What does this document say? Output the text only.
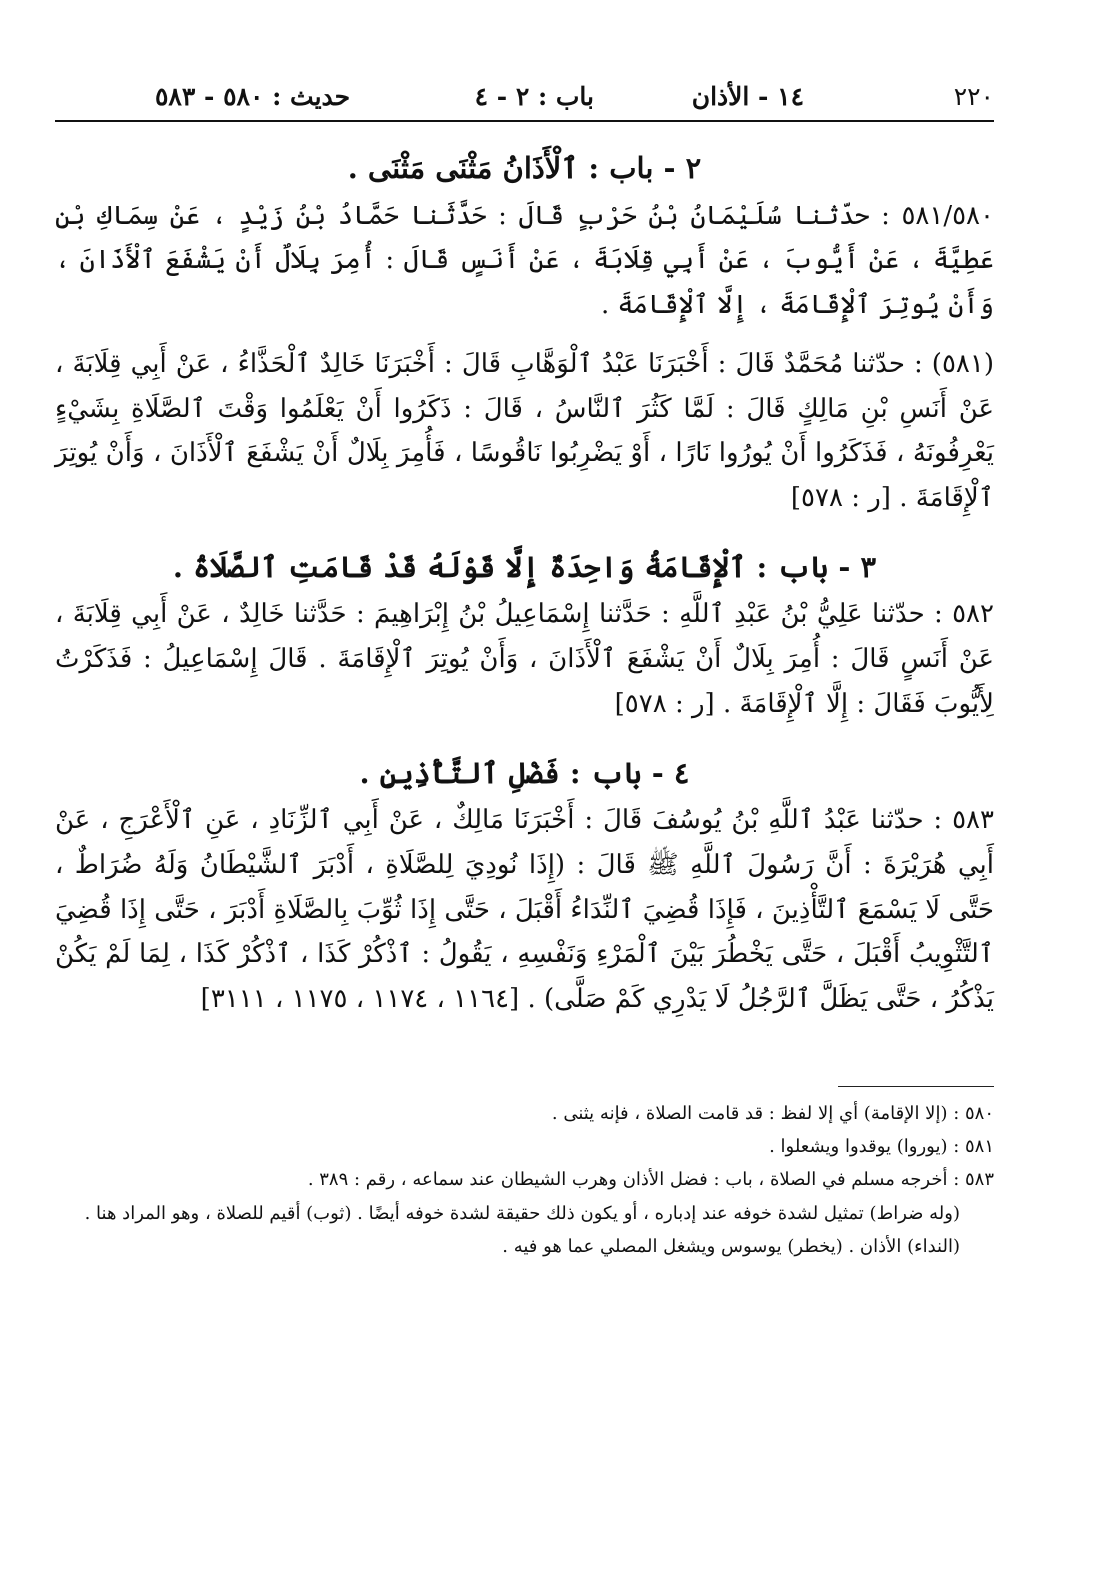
٢٢٠
١٤ - الأذان
باب : ٢ - ٤
حديث : ٥٨٠ - ٥٨٣
٢ - باب : ٱلْأَذَانُ مَثْنَى مَثْنَى .

٥٨١/٥٨٠ : حدّثنا سُلَيْمَانُ بْنُ حَرْبٍ قَالَ : حَدَّثَنا حَمَّادُ بْنُ زَيْدٍ ، عَنْ سِمَاكِ بْنِ عَطِيَّةَ ، عَنْ أَيُّوبَ ، عَنْ أَبِي قِلَابَةَ ، عَنْ أَنَسٍ قَالَ : أُمِرَ بِلَالٌ أَنْ يَشْفَعَ ٱلْأَذَانَ ، وَأَنْ يُوتِرَ ٱلْإِقَامَةَ ، إِلَّا ٱلْإِقَامَةَ .

(٥٨١) : حدّثنا مُحَمَّدٌ قَالَ : أَخْبَرَنَا عَبْدُ ٱلْوَهَّابِ قَالَ : أَخْبَرَنَا خَالِدٌ ٱلْحَذَّاءُ ، عَنْ أَبِي قِلَابَةَ ، عَنْ أَنَسِ بْنِ مَالِكٍ قَالَ : لَمَّا كَثُرَ ٱلنَّاسُ ، قَالَ : ذَكَرُوا أَنْ يَعْلَمُوا وَقْتَ ٱلصَّلَاةِ بِشَيْءٍ يَعْرِفُونَهُ ، فَذَكَرُوا أَنْ يُورُوا نَارًا ، أَوْ يَضْرِبُوا نَاقُوسًا ، فَأُمِرَ بِلَالٌ أَنْ يَشْفَعَ ٱلْأَذَانَ ، وَأَنْ يُوتِرَ ٱلْإِقَامَةَ . [ر : ٥٧٨]

٣ - باب : ٱلْإِقَامَةُ وَاحِدَةٌ إِلَّا قَوْلَهُ قَدْ قَامَتِ ٱلصَّلَاةُ .

٥٨٢ : حدّثنا عَلِيُّ بْنُ عَبْدِ ٱللَّهِ : حَدَّثنا إِسْمَاعِيلُ بْنُ إِبْرَاهِيمَ : حَدَّثنا خَالِدٌ ، عَنْ أَبِي قِلَابَةَ ، عَنْ أَنَسٍ قَالَ : أُمِرَ بِلَالٌ أَنْ يَشْفَعَ ٱلْأَذَانَ ، وَأَنْ يُوتِرَ ٱلْإِقَامَةَ . قَالَ إِسْمَاعِيلُ : فَذَكَرْتُ لِأَيُّوبَ فَقَالَ : إِلَّا ٱلْإِقَامَةَ . [ر : ٥٧٨]

٤ - باب : فَضْلِ ٱلتَّأْذِينِ .

٥٨٣ : حدّثنا عَبْدُ ٱللَّهِ بْنُ يُوسُفَ قَالَ : أَخْبَرَنَا مَالِكٌ ، عَنْ أَبِي ٱلزِّنَادِ ، عَنِ ٱلْأَعْرَجِ ، عَنْ أَبِي هُرَيْرَةَ : أَنَّ رَسُولَ ٱللَّهِ ﷺ قَالَ : (إِذَا نُودِيَ لِلصَّلَاةِ ، أَدْبَرَ ٱلشَّيْطَانُ وَلَهُ ضُرَاطٌ ، حَتَّى لَا يَسْمَعَ ٱلتَّأْذِينَ ، فَإِذَا قُضِيَ ٱلنِّدَاءُ أَقْبَلَ ، حَتَّى إِذَا ثُوِّبَ بِالصَّلَاةِ أَدْبَرَ ، حَتَّى إِذَا قُضِيَ ٱلتَّثْوِيبُ أَقْبَلَ ، حَتَّى يَخْطُرَ بَيْنَ ٱلْمَرْءِ وَنَفْسِهِ ، يَقُولُ : ٱذْكُرْ كَذَا ، ٱذْكُرْ كَذَا ، لِمَا لَمْ يَكُنْ يَذْكُرُ ، حَتَّى يَظَلَّ ٱلرَّجُلُ لَا يَدْرِي كَمْ صَلَّى) . [١١٦٤ ، ١١٧٤ ، ١١٧٥ ، ٣١١١]

٥٨٠ : (إلا الإقامة) أي إلا لفظ : قد قامت الصلاة ، فإنه يثنى .

٥٨١ : (يوروا) يوقدوا ويشعلوا .

٥٨٣ : أخرجه مسلم في الصلاة ، باب : فضل الأذان وهرب الشيطان عند سماعه ، رقم : ٣٨٩ .

(وله ضراط) تمثيل لشدة خوفه عند إدباره ، أو يكون ذلك حقيقة لشدة خوفه أيضًا . (ثوب) أقيم للصلاة ، وهو المراد هنا . (النداء) الأذان . (يخطر) يوسوس ويشغل المصلي عما هو فيه .
